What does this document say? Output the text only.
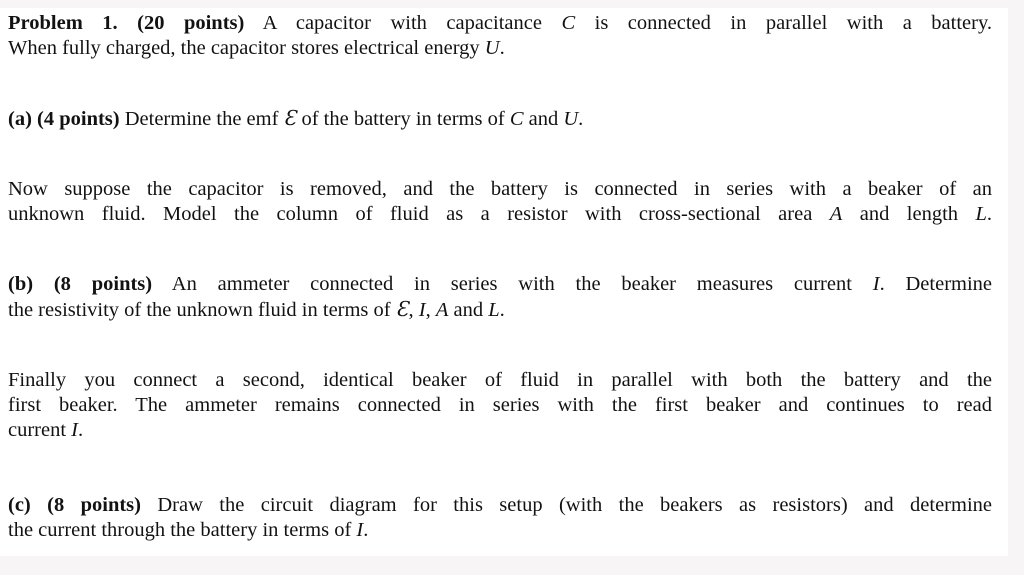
Problem 1. (20 points) A capacitor with capacitance C is connected in parallel with a battery.
When fully charged, the capacitor stores electrical energy U.
(a) (4 points) Determine the emf Ɛ of the battery in terms of C and U.
Now suppose the capacitor is removed, and the battery is connected in series with a beaker of an
unknown fluid. Model the column of fluid as a resistor with cross-sectional area A and length L.
(b) (8 points) An ammeter connected in series with the beaker measures current I. Determine
the resistivity of the unknown fluid in terms of Ɛ, I, A and L.
Finally you connect a second, identical beaker of fluid in parallel with both the battery and the
first beaker. The ammeter remains connected in series with the first beaker and continues to read
current I.
(c) (8 points) Draw the circuit diagram for this setup (with the beakers as resistors) and determine
the current through the battery in terms of I.
